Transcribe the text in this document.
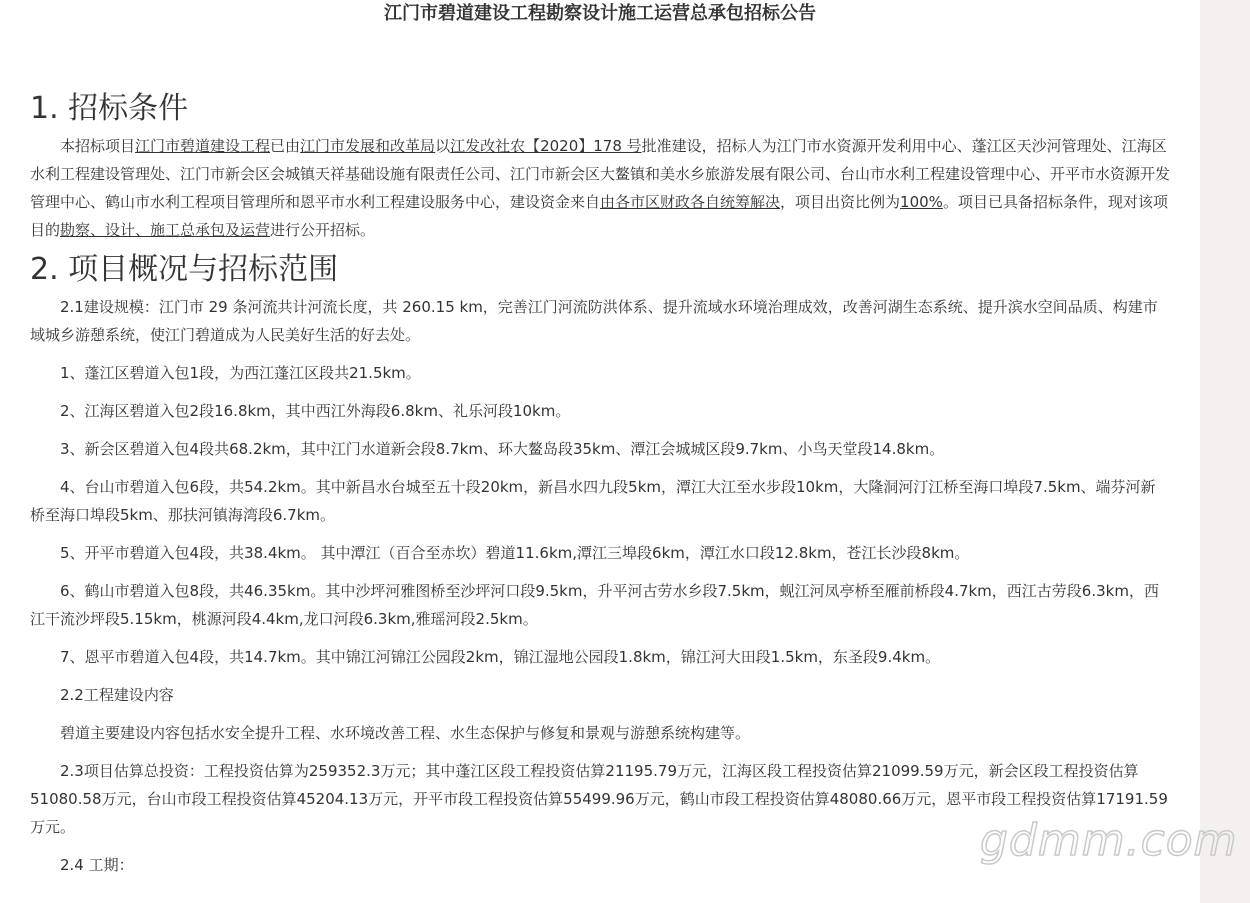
江门市碧道建设工程勘察设计施工运营总承包招标公告
1. 招标条件

本招标项目江门市碧道建设工程已由江门市发展和改革局以江发改社农【2020】178 号批准建设，招标人为江门市水资源开发利用中心、蓬江区天沙河管理处、江海区水利工程建设管理处、江门市新会区会城镇天祥基础设施有限责任公司、江门市新会区大鳌镇和美水乡旅游发展有限公司、台山市水利工程建设管理中心、开平市水资源开发管理中心、鹤山市水利工程项目管理所和恩平市水利工程建设服务中心，建设资金来自由各市区财政各自统筹解决，项目出资比例为100%。项目已具备招标条件，现对该项目的勘察、设计、施工总承包及运营进行公开招标。

2. 项目概况与招标范围

2.1建设规模：江门市 29 条河流共计河流长度，共 260.15 km，完善江门河流防洪体系、提升流域水环境治理成效，改善河湖生态系统、提升滨水空间品质、构建市域城乡游憩系统，使江门碧道成为人民美好生活的好去处。

1、蓬江区碧道入包1段，为西江蓬江区段共21.5km。

2、江海区碧道入包2段16.8km，其中西江外海段6.8km、礼乐河段10km。

3、新会区碧道入包4段共68.2km，其中江门水道新会段8.7km、环大鳌岛段35km、潭江会城城区段9.7km、小鸟天堂段14.8km。

4、台山市碧道入包6段，共54.2km。其中新昌水台城至五十段20km，新昌水四九段5km，潭江大江至水步段10km，大隆洞河汀江桥至海口埠段7.5km、端芬河新桥至海口埠段5km、那扶河镇海湾段6.7km。

5、开平市碧道入包4段，共38.4km。 其中潭江（百合至赤坎）碧道11.6km,潭江三埠段6km，潭江水口段12.8km，苍江长沙段8km。

6、鹤山市碧道入包8段，共46.35km。其中沙坪河雅图桥至沙坪河口段9.5km，升平河古劳水乡段7.5km，蚬江河凤亭桥至雁前桥段4.7km，西江古劳段6.3km，西江干流沙坪段5.15km，桃源河段4.4km,龙口河段6.3km,雅瑶河段2.5km。

7、恩平市碧道入包4段，共14.7km。其中锦江河锦江公园段2km，锦江湿地公园段1.8km，锦江河大田段1.5km，东圣段9.4km。

2.2工程建设内容

碧道主要建设内容包括水安全提升工程、水环境改善工程、水生态保护与修复和景观与游憩系统构建等。

2.3项目估算总投资：工程投资估算为259352.3万元；其中蓬江区段工程投资估算21195.79万元，江海区段工程投资估算21099.59万元，新会区段工程投资估算51080.58万元，台山市段工程投资估算45204.13万元，开平市段工程投资估算55499.96万元，鹤山市段工程投资估算48080.66万元，恩平市段工程投资估算17191.59万元。

2.4 工期：	gdmm.com
